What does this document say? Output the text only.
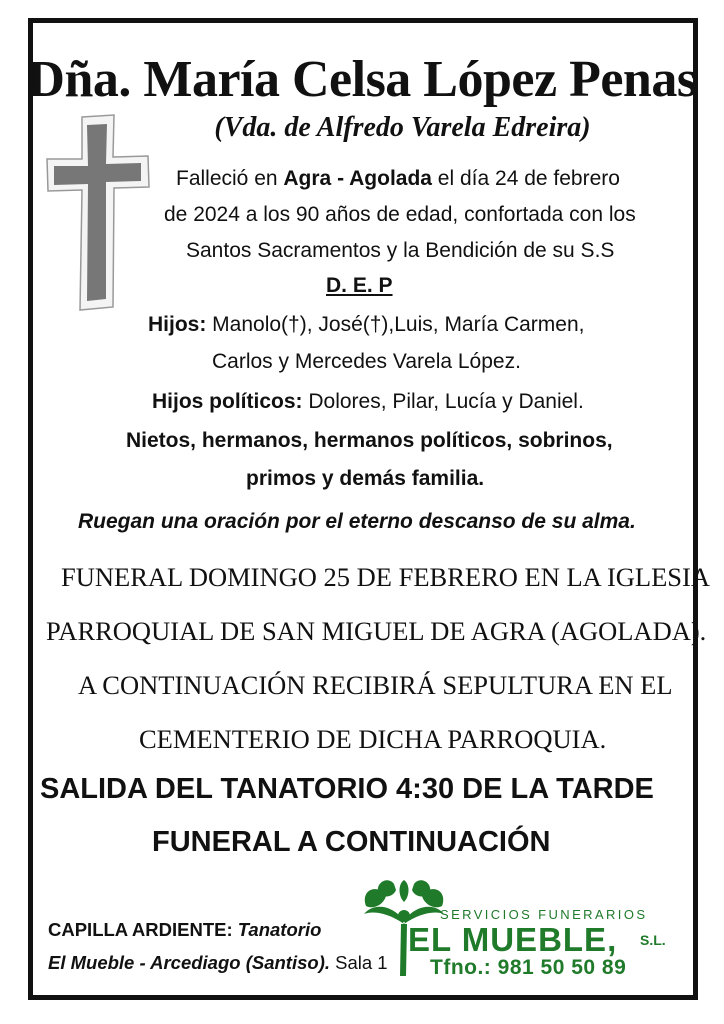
Dña. María Celsa López Penas
(Vda. de Alfredo Varela Edreira)
Falleció en Agra - Agolada el día 24 de febrero
de 2024 a los 90 años de edad, confortada con los
Santos Sacramentos y la Bendición de su S.S
D. E. P
Hijos: Manolo(†), José(†),Luis, María Carmen,
Carlos y Mercedes Varela López.
Hijos políticos: Dolores, Pilar, Lucía y Daniel.
Nietos, hermanos, hermanos políticos, sobrinos,
primos y demás familia.
Ruegan una oración por el eterno descanso de su alma.
FUNERAL DOMINGO 25 DE FEBRERO EN LA IGLESIA
PARROQUIAL DE SAN MIGUEL DE AGRA (AGOLADA).
A CONTINUACIÓN RECIBIRÁ SEPULTURA EN EL
CEMENTERIO DE DICHA PARROQUIA.
SALIDA DEL TANATORIO 4:30 DE LA TARDE
FUNERAL A CONTINUACIÓN
CAPILLA ARDIENTE: Tanatorio
El Mueble - Arcediago (Santiso). Sala 1
SERVICIOS FUNERARIOS
EL MUEBLE, S.L.
Tfno.: 981 50 50 89
